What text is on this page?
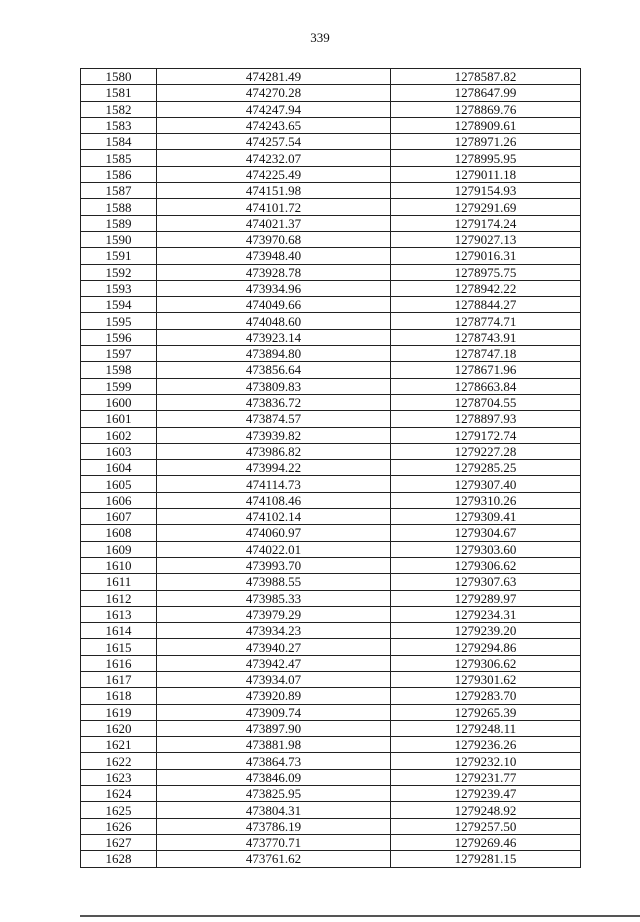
339
1580	474281.49	1278587.82
1581	474270.28	1278647.99
1582	474247.94	1278869.76
1583	474243.65	1278909.61
1584	474257.54	1278971.26
1585	474232.07	1278995.95
1586	474225.49	1279011.18
1587	474151.98	1279154.93
1588	474101.72	1279291.69
1589	474021.37	1279174.24
1590	473970.68	1279027.13
1591	473948.40	1279016.31
1592	473928.78	1278975.75
1593	473934.96	1278942.22
1594	474049.66	1278844.27
1595	474048.60	1278774.71
1596	473923.14	1278743.91
1597	473894.80	1278747.18
1598	473856.64	1278671.96
1599	473809.83	1278663.84
1600	473836.72	1278704.55
1601	473874.57	1278897.93
1602	473939.82	1279172.74
1603	473986.82	1279227.28
1604	473994.22	1279285.25
1605	474114.73	1279307.40
1606	474108.46	1279310.26
1607	474102.14	1279309.41
1608	474060.97	1279304.67
1609	474022.01	1279303.60
1610	473993.70	1279306.62
1611	473988.55	1279307.63
1612	473985.33	1279289.97
1613	473979.29	1279234.31
1614	473934.23	1279239.20
1615	473940.27	1279294.86
1616	473942.47	1279306.62
1617	473934.07	1279301.62
1618	473920.89	1279283.70
1619	473909.74	1279265.39
1620	473897.90	1279248.11
1621	473881.98	1279236.26
1622	473864.73	1279232.10
1623	473846.09	1279231.77
1624	473825.95	1279239.47
1625	473804.31	1279248.92
1626	473786.19	1279257.50
1627	473770.71	1279269.46
1628	473761.62	1279281.15
